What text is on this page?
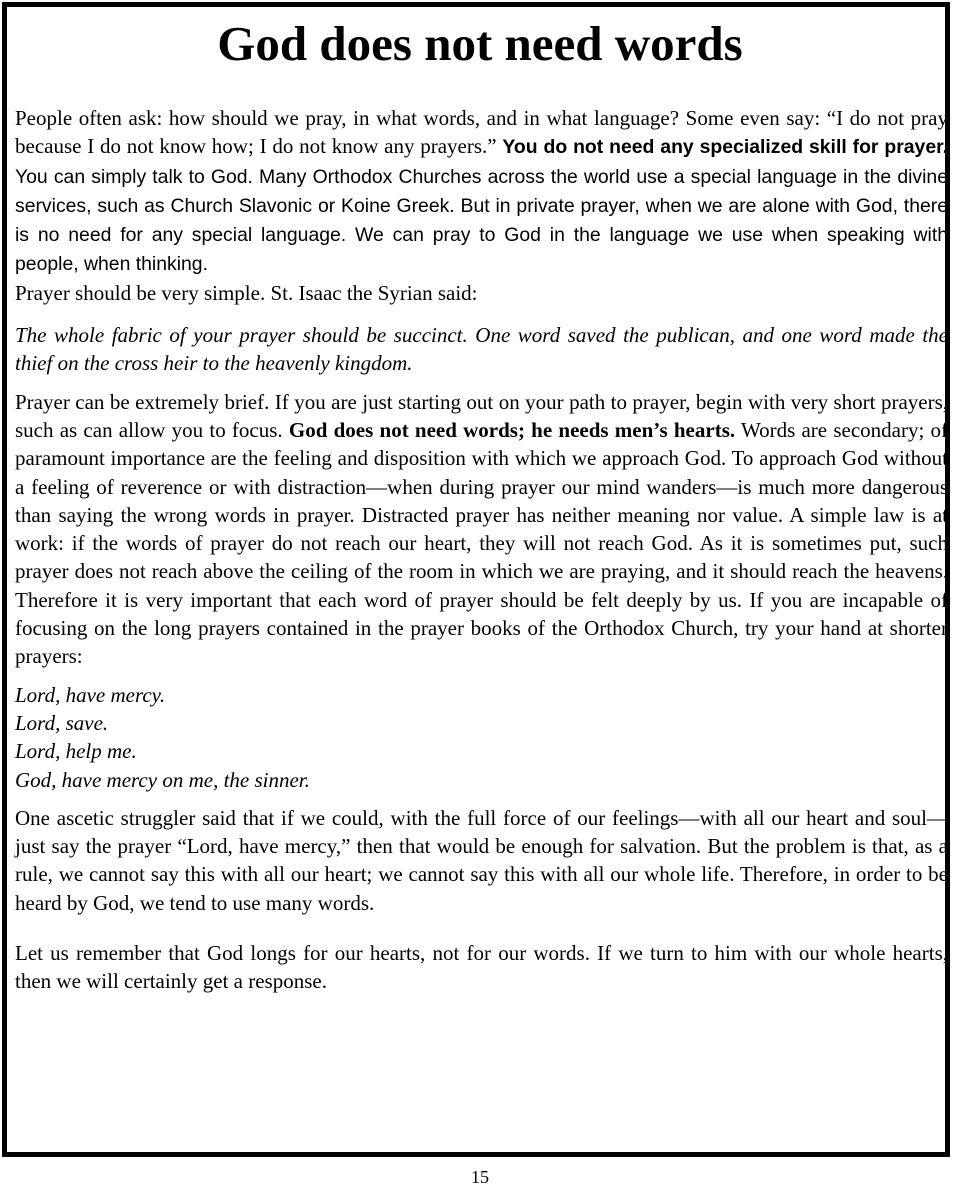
God does not need words

People often ask: how should we pray, in what words, and in what language? Some even say: “I do not pray because I do not know how; I do not know any prayers.” You do not need any specialized skill for prayer. You can simply talk to God. Many Orthodox Churches across the world use a special language in the divine services, such as Church Slavonic or Koine Greek. But in private prayer, when we are alone with God, there is no need for any special language. We can pray to God in the language we use when speaking with people, when thinking.

Prayer should be very simple. St. Isaac the Syrian said:

The whole fabric of your prayer should be succinct. One word saved the publican, and one word made the thief on the cross heir to the heavenly kingdom.

Prayer can be extremely brief. If you are just starting out on your path to prayer, begin with very short prayers, such as can allow you to focus. God does not need words; he needs men’s hearts. Words are secondary; of paramount importance are the feeling and disposition with which we approach God. To approach God without a feeling of reverence or with distraction—when during prayer our mind wanders—is much more dangerous than saying the wrong words in prayer. Distracted prayer has neither meaning nor value. A simple law is at work: if the words of prayer do not reach our heart, they will not reach God. As it is sometimes put, such prayer does not reach above the ceiling of the room in which we are praying, and it should reach the heavens. Therefore it is very important that each word of prayer should be felt deeply by us. If you are incapable of focusing on the long prayers contained in the prayer books of the Orthodox Church, try your hand at shorter prayers:

Lord, have mercy.

Lord, save.

Lord, help me.

God, have mercy on me, the sinner.

One ascetic struggler said that if we could, with the full force of our feelings—with all our heart and soul—just say the prayer “Lord, have mercy,” then that would be enough for salvation. But the problem is that, as a rule, we cannot say this with all our heart; we cannot say this with all our whole life. Therefore, in order to be heard by God, we tend to use many words.

Let us remember that God longs for our hearts, not for our words. If we turn to him with our whole hearts, then we will certainly get a response.

15
